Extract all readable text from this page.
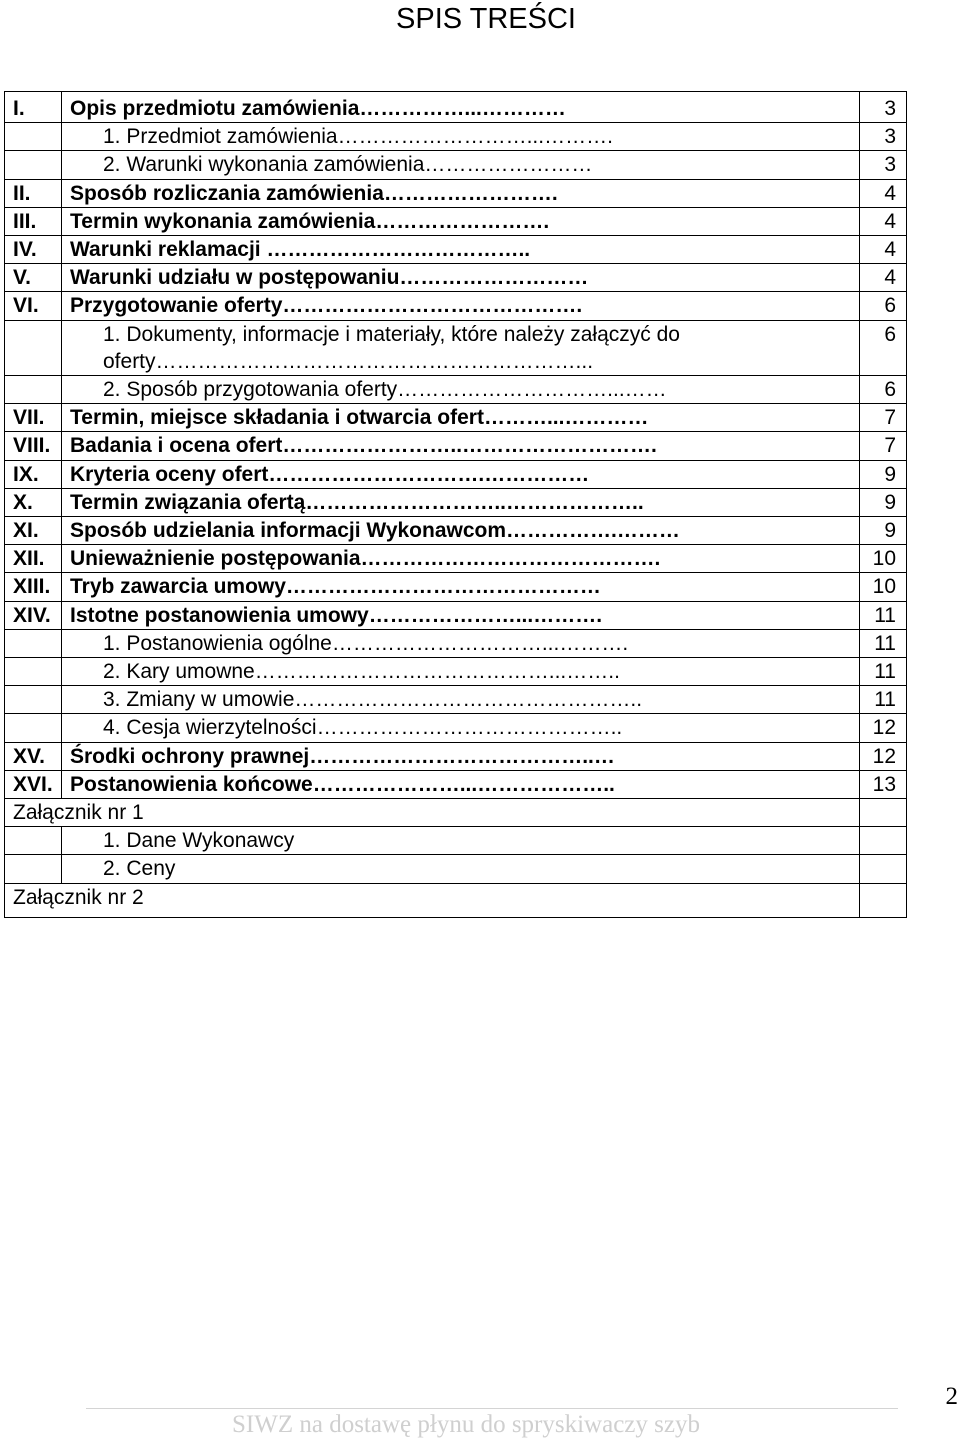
SPIS TREŚCI
I.	Opis przedmiotu zamówienia……………...…………	3
	1. Przedmiot zamówienia………………………...……….	3
	2. Warunki wykonania zamówienia……………………	3
II.	Sposób rozliczania zamówienia…………………….	4
III.	Termin wykonania zamówienia…………………….	4
IV.	Warunki reklamacji ………………………………..	4
V.	Warunki udziału w postępowaniu………………………	4
VI.	Przygotowanie oferty…………………………………….	6
	1. Dokumenty, informacje i materiały, które należy załączyć do oferty……………………………………………………...	6
	2. Sposób przygotowania oferty…………………………...……	6
VII.	Termin, miejsce składania i otwarcia ofert………...…………	7
VIII.	Badania i ocena ofert……………………..……………………….	7
IX.	Kryteria oceny ofert………………………….……………	9
X.	Termin związania ofertą………………………..………………..	9
XI.	Sposób udzielania informacji Wykonawcom…………….………	9
XII.	Unieważnienie postępowania…………………………………….	10
XIII.	Tryb zawarcia umowy………………………………………	10
XIV.	Istotne postanowienia umowy…………………...……….	11
	1. Postanowienia ogólne…………………………...……….	11
	2. Kary umowne……………………………………...……..	11
	3. Zmiany w umowie…………………………………………..	11
	4. Cesja wierzytelności……………………………………..	12
XV.	Środki ochrony prawnej…………………………………..…	12
XVI.	Postanowienia końcowe…………………...………………..	13
Załącznik nr 1		
	1. Dane Wykonawcy	
	2. Ceny	
Załącznik nr 2		
SIWZ na dostawę płynu do spryskiwaczy szyb
2
